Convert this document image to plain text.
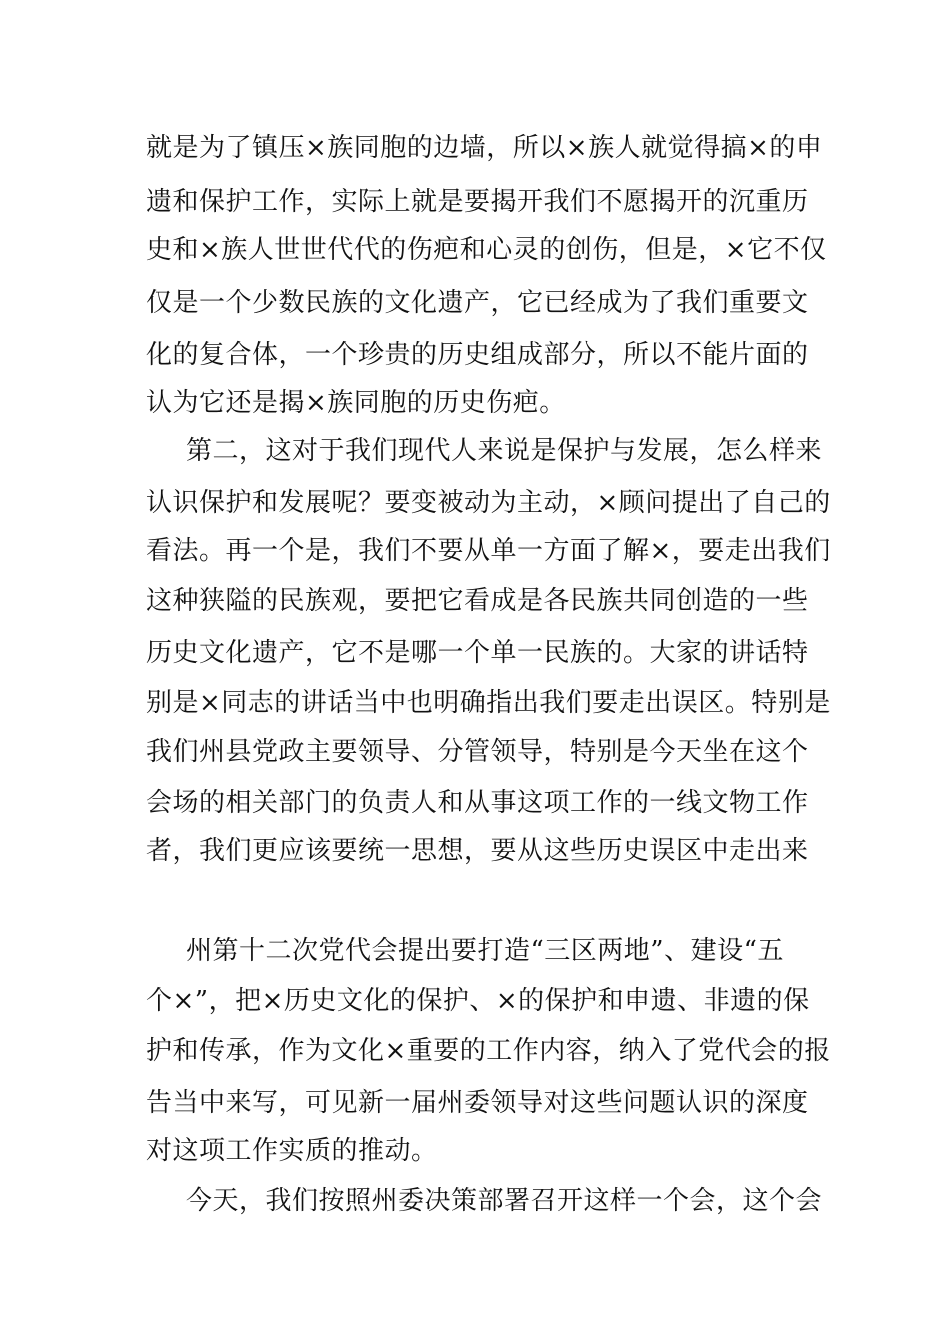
就是为了镇压×族同胞的边墙，所以×族人就觉得搞×的申
遗和保护工作，实际上就是要揭开我们不愿揭开的沉重历
史和×族人世世代代的伤疤和心灵的创伤，但是，×它不仅
仅是一个少数民族的文化遗产，它已经成为了我们重要文
化的复合体，一个珍贵的历史组成部分，所以不能片面的
认为它还是揭×族同胞的历史伤疤。
第二，这对于我们现代人来说是保护与发展，怎么样来
认识保护和发展呢？要变被动为主动，×顾问提出了自己的
看法。再一个是，我们不要从单一方面了解×，要走出我们
这种狭隘的民族观，要把它看成是各民族共同创造的一些
历史文化遗产，它不是哪一个单一民族的。大家的讲话特
别是×同志的讲话当中也明确指出我们要走出误区。特别是
我们州县党政主要领导、分管领导，特别是今天坐在这个
会场的相关部门的负责人和从事这项工作的一线文物工作
者，我们更应该要统一思想，要从这些历史误区中走出来
州第十二次党代会提出要打造“三区两地”、建设“五
个×”，把×历史文化的保护、×的保护和申遗、非遗的保
护和传承，作为文化×重要的工作内容，纳入了党代会的报
告当中来写，可见新一届州委领导对这些问题认识的深度
对这项工作实质的推动。
今天，我们按照州委决策部署召开这样一个会，这个会
